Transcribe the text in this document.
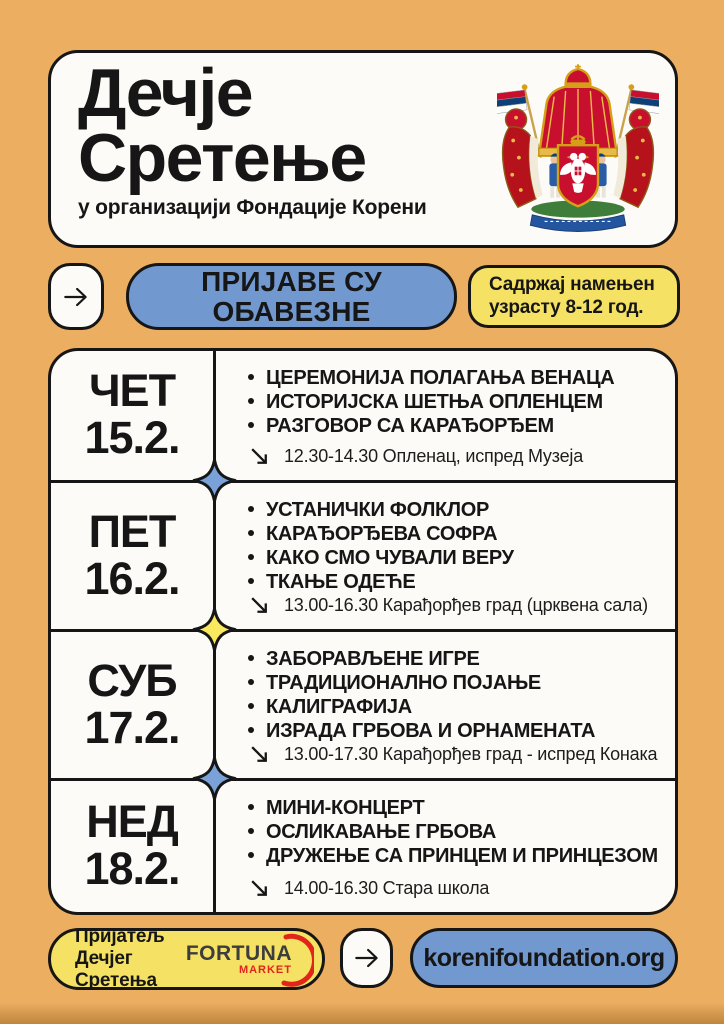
Дечје
Сретење
у организацији Фондације Корени
ПРИЈАВЕ СУ
ОБАВЕЗНЕ
Садржај намењен
узрасту 8-12 год.
ЧЕТ
15.2.
ЦЕРЕМОНИЈА ПОЛАГАЊА ВЕНАЦА
ИСТОРИЈСКА ШЕТЊА ОПЛЕНЦЕМ
РАЗГОВОР СА КАРАЂОРЂЕМ
12.30-14.30 Опленац, испред Музеја
ПЕТ
16.2.
УСТАНИЧКИ ФОЛКЛОР
КАРАЂОРЂЕВА СОФРА
КАКО СМО ЧУВАЛИ ВЕРУ
ТКАЊЕ ОДЕЋЕ
13.00-16.30 Карађорђев град (црквена сала)
СУБ
17.2.
ЗАБОРАВЉЕНЕ ИГРЕ
ТРАДИЦИОНАЛНО ПОЈАЊЕ
КАЛИГРАФИЈА
ИЗРАДА ГРБОВА И ОРНАМЕНАТА
13.00-17.30 Карађорђев град - испред Конака
НЕД
18.2.
МИНИ-КОНЦЕРТ
ОСЛИКАВАЊЕ ГРБОВА
ДРУЖЕЊЕ СА ПРИНЦЕМ И ПРИНЦЕЗОМ
14.00-16.30 Стара школа
Пријатељ
Дечјег Сретења
FORTUNA
MARKET	korenifoundation.org
